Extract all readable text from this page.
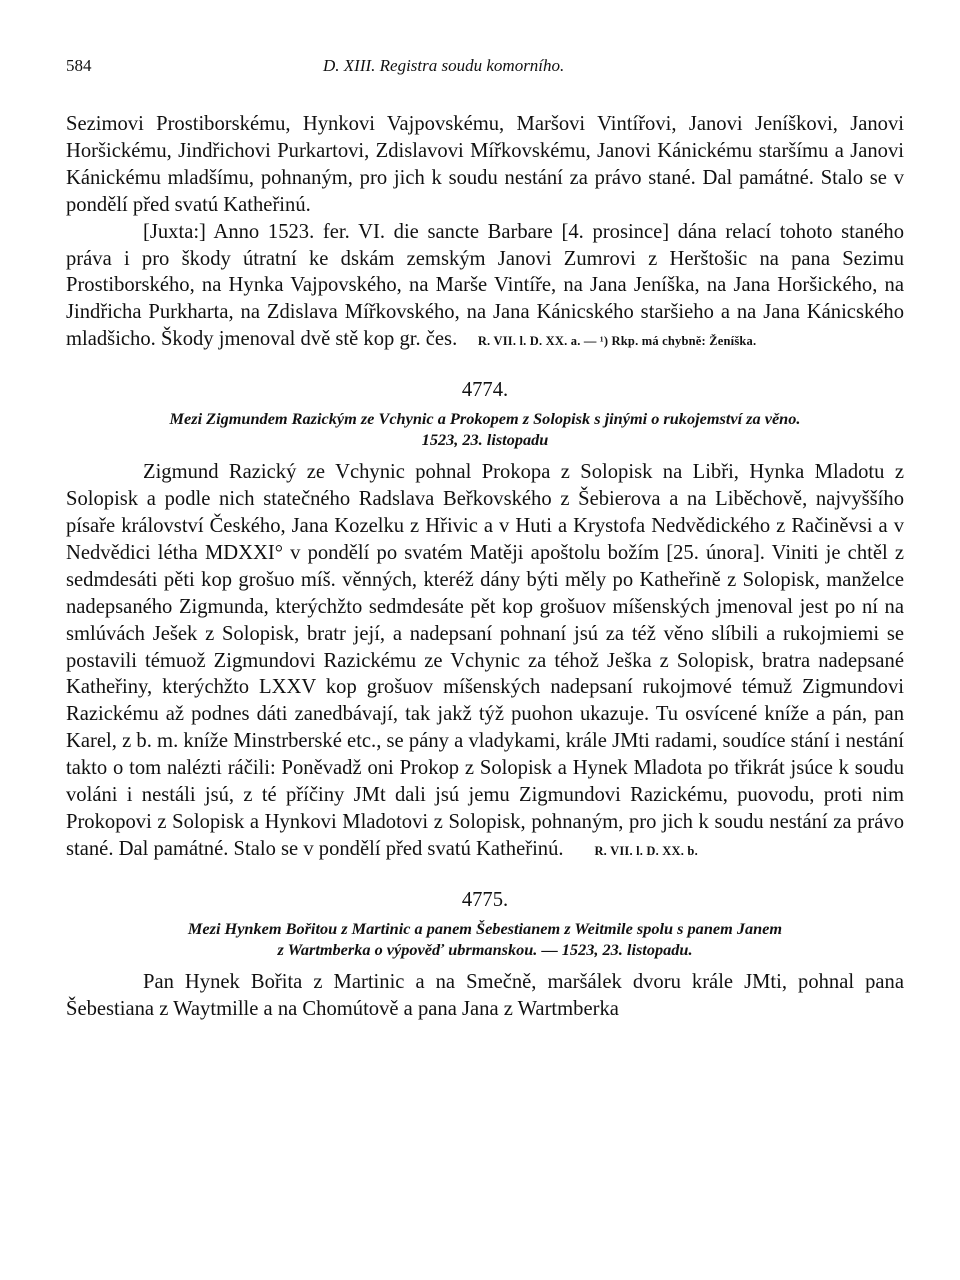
584	D. XIII. Registra soudu komorního.

Sezimovi Prostiborskému, Hynkovi Vajpovskému, Maršovi Vintířovi, Janovi Jeníškovi, Janovi Horšickému, Jindřichovi Purkartovi, Zdislavovi Mířkovskému, Janovi Kánickému staršímu a Janovi Kánickému mladšímu, pohnaným, pro jich k soudu nestání za právo stané. Dal památné. Stalo se v pondělí před svatú Katheřinú.

[Juxta:] Anno 1523. fer. VI. die sancte Barbare [4. prosince] dána relací tohoto staného práva i pro škody útratní ke dskám zemským Janovi Zumrovi z Herštošic na pana Sezimu Prostiborského, na Hynka Vajpovského, na Marše Vintíře, na Jana Jeníška, na Jana Horšického, na Jindřicha Purkharta, na Zdislava Mířkovského, na Jana Kánicského staršieho a na Jana Kánicského mladšicho. Škody jmenoval dvě stě kop gr. čes. R. VII. l. D. XX. a. — ¹) Rkp. má chybně: Ženíška.

4774.

Mezi Zigmundem Razickým ze Vchynic a Prokopem z Solopisk s jinými o rukojemství za věno.
1523, 23. listopadu

Zigmund Razický ze Vchynic pohnal Prokopa z Solopisk na Libři, Hynka Mladotu z Solopisk a podle nich statečného Radslava Beřkovského z Šebierova a na Liběchově, najvyššího písaře království Českého, Jana Kozelku z Hřivic a v Huti a Krystofa Nedvědického z Račiněvsi a v Nedvědici létha MDXXI° v pondělí po svatém Matěji apoštolu božím [25. února]. Viniti je chtěl z sedmdesáti pěti kop grošuo míš. věnných, kteréž dány býti měly po Katheřině z Solopisk, manželce nadepsaného Zigmunda, kterýchžto sedmdesáte pět kop grošuov míšenských jmenoval jest po ní na smlúvách Ješek z Solopisk, bratr její, a nadepsaní pohnaní jsú za též věno slíbili a rukojmiemi se postavili témuož Zigmundovi Razickému ze Vchynic za téhož Ješka z Solopisk, bratra nadepsané Katheřiny, kterýchžto LXXV kop grošuov míšenských nadepsaní rukojmové témuž Zigmundovi Razickému až podnes dáti zanedbávají, tak jakž týž puohon ukazuje. Tu osvícené kníže a pán, pan Karel, z b. m. kníže Minstrberské etc., se pány a vladykami, krále JMti radami, soudíce stání i nestání takto o tom nalézti ráčili: Poněvadž oni Prokop z Solopisk a Hynek Mladota po třikrát jsúce k soudu voláni i nestáli jsú, z té příčiny JMt dali jsú jemu Zigmundovi Razickému, puovodu, proti nim Prokopovi z Solopisk a Hynkovi Mladotovi z Solopisk, pohnaným, pro jich k soudu nestání za právo stané. Dal památné. Stalo se v pondělí před svatú Katheřinú. R. VII. l. D. XX. b.

4775.

Mezi Hynkem Bořitou z Martinic a panem Šebestianem z Weitmile spolu s panem Janem
z Wartmberka o výpověď ubrmanskou. — 1523, 23. listopadu.

Pan Hynek Bořita z Martinic a na Smečně, maršálek dvoru krále JMti, pohnal pana Šebestiana z Waytmille a na Chomútově a pana Jana z Wartmberka
